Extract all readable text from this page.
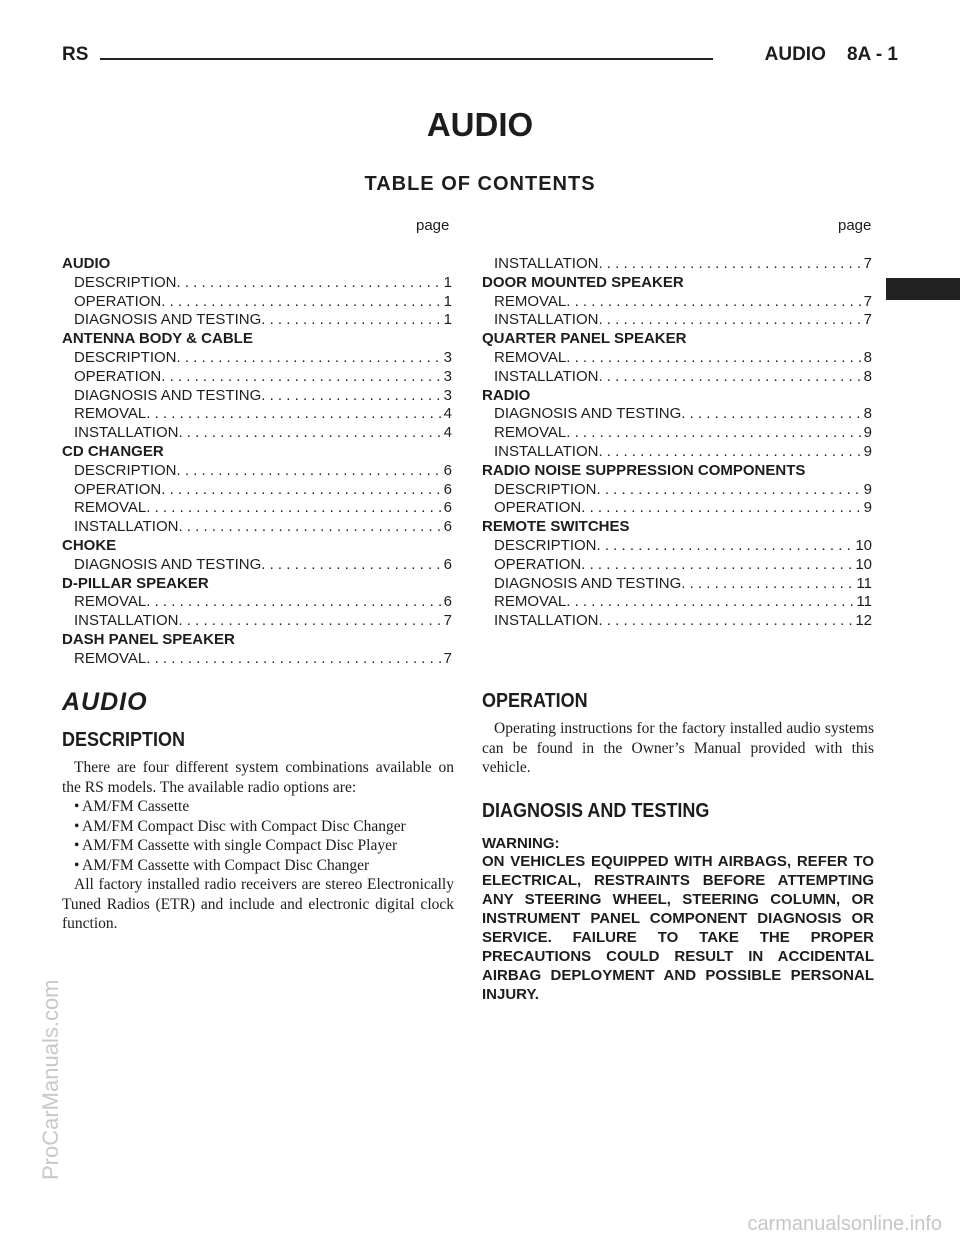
RS	AUDIO    8A - 1
AUDIO
TABLE OF CONTENTS
page	page
AUDIO
DESCRIPTION . . .	1
OPERATION . . .	1
DIAGNOSIS AND TESTING . . .	1
ANTENNA BODY & CABLE
DESCRIPTION . . .	3
OPERATION . . .	3
DIAGNOSIS AND TESTING . . .	3
REMOVAL . . .	4
INSTALLATION . . .	4
CD CHANGER
DESCRIPTION . . .	6
OPERATION . . .	6
REMOVAL . . .	6
INSTALLATION . . .	6
CHOKE
DIAGNOSIS AND TESTING . . .	6
D-PILLAR SPEAKER
REMOVAL . . .	6
INSTALLATION . . .	7
DASH PANEL SPEAKER
REMOVAL . . .	7
INSTALLATION . . .	7
DOOR MOUNTED SPEAKER
REMOVAL . . .	7
INSTALLATION . . .	7
QUARTER PANEL SPEAKER
REMOVAL . . .	8
INSTALLATION . . .	8
RADIO
DIAGNOSIS AND TESTING . . .	8
REMOVAL . . .	9
INSTALLATION . . .	9
RADIO NOISE SUPPRESSION COMPONENTS
DESCRIPTION . . .	9
OPERATION . . .	9
REMOTE SWITCHES
DESCRIPTION . . .	10
OPERATION . . .	10
DIAGNOSIS AND TESTING . . .	11
REMOVAL . . .	11
INSTALLATION . . .	12
AUDIO
DESCRIPTION

There are four different system combinations available on the RS models. The available radio options are:

• AM/FM Cassette
• AM/FM Compact Disc with Compact Disc Changer
• AM/FM Cassette with single Compact Disc Player
• AM/FM Cassette with Compact Disc Changer

All factory installed radio receivers are stereo Electronically Tuned Radios (ETR) and include and electronic digital clock function.

OPERATION

Operating instructions for the factory installed audio systems can be found in the Owner’s Manual provided with this vehicle.

DIAGNOSIS AND TESTING
WARNING:
ON VEHICLES EQUIPPED WITH AIRBAGS, REFER TO ELECTRICAL, RESTRAINTS BEFORE ATTEMPTING ANY STEERING WHEEL, STEERING COLUMN, OR INSTRUMENT PANEL COMPONENT DIAGNOSIS OR SERVICE. FAILURE TO TAKE THE PROPER PRECAUTIONS COULD RESULT IN ACCIDENTAL AIRBAG DEPLOYMENT AND POSSIBLE PERSONAL INJURY.
ProCarManuals.com
carmanualsonline.info
